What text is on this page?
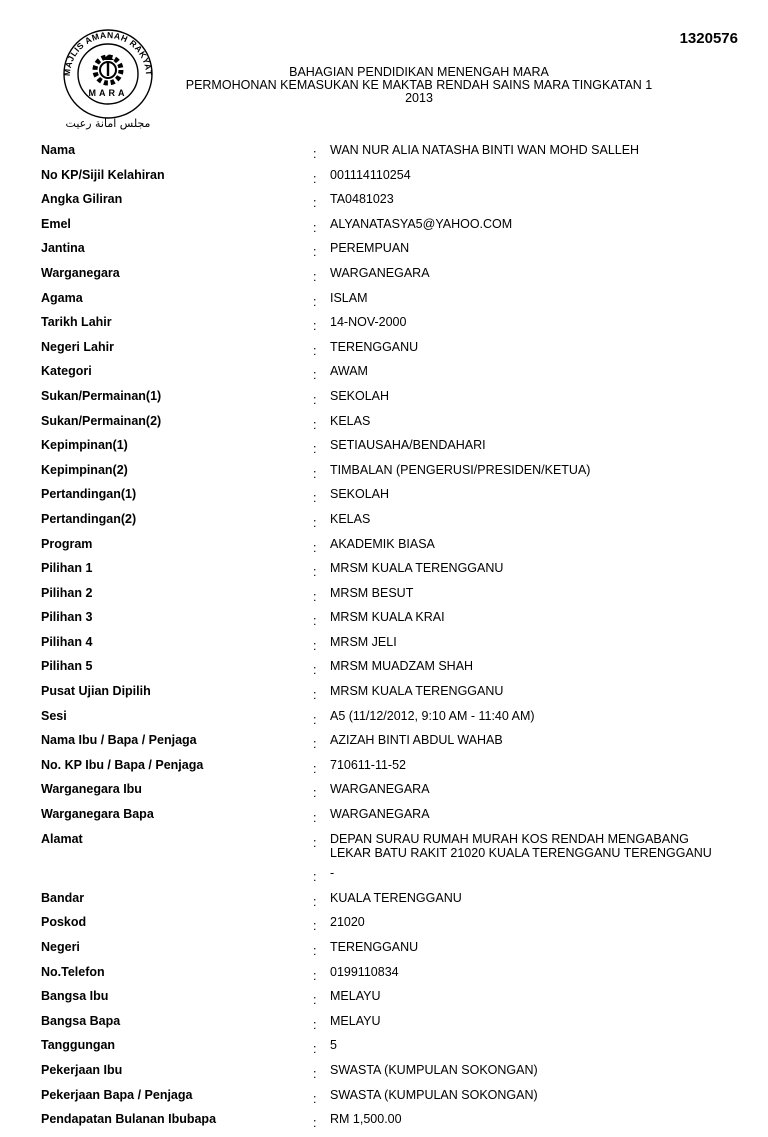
1320576
MAJLIS AMANAH RAKYAT
MARA
مجلس امانة رعيت
BAHAGIAN PENDIDIKAN MENENGAH MARA
PERMOHONAN KEMASUKAN KE MAKTAB RENDAH SAINS MARA TINGKATAN 1
2013
Nama	:	WAN NUR ALIA NATASHA BINTI WAN MOHD SALLEH
No KP/Sijil Kelahiran	:	001114110254
Angka Giliran	:	TA0481023
Emel	:	ALYANATASYA5@YAHOO.COM
Jantina	:	PEREMPUAN
Warganegara	:	WARGANEGARA
Agama	:	ISLAM
Tarikh Lahir	:	14-NOV-2000
Negeri Lahir	:	TERENGGANU
Kategori	:	AWAM
Sukan/Permainan(1)	:	SEKOLAH
Sukan/Permainan(2)	:	KELAS
Kepimpinan(1)	:	SETIAUSAHA/BENDAHARI
Kepimpinan(2)	:	TIMBALAN (PENGERUSI/PRESIDEN/KETUA)
Pertandingan(1)	:	SEKOLAH
Pertandingan(2)	:	KELAS
Program	:	AKADEMIK BIASA
Pilihan 1	:	MRSM KUALA TERENGGANU
Pilihan 2	:	MRSM BESUT
Pilihan 3	:	MRSM KUALA KRAI
Pilihan 4	:	MRSM JELI
Pilihan 5	:	MRSM MUADZAM SHAH
Pusat Ujian Dipilih	:	MRSM KUALA TERENGGANU
Sesi	:	A5 (11/12/2012, 9:10 AM - 11:40 AM)
Nama Ibu / Bapa / Penjaga	:	AZIZAH BINTI ABDUL WAHAB
No. KP Ibu / Bapa / Penjaga	:	710611-11-52
Warganegara Ibu	:	WARGANEGARA
Warganegara Bapa	:	WARGANEGARA
Alamat	:	DEPAN SURAU RUMAH MURAH KOS RENDAH MENGABANG
LEKAR BATU RAKIT 21020 KUALA TERENGGANU TERENGGANU
:	-
Bandar	:	KUALA TERENGGANU
Poskod	:	21020
Negeri	:	TERENGGANU
No.Telefon	:	0199110834
Bangsa Ibu	:	MELAYU
Bangsa Bapa	:	MELAYU
Tanggungan	:	5
Pekerjaan Ibu	:	SWASTA (KUMPULAN SOKONGAN)
Pekerjaan Bapa / Penjaga	:	SWASTA (KUMPULAN SOKONGAN)
Pendapatan Bulanan Ibubapa	:	RM 1,500.00
